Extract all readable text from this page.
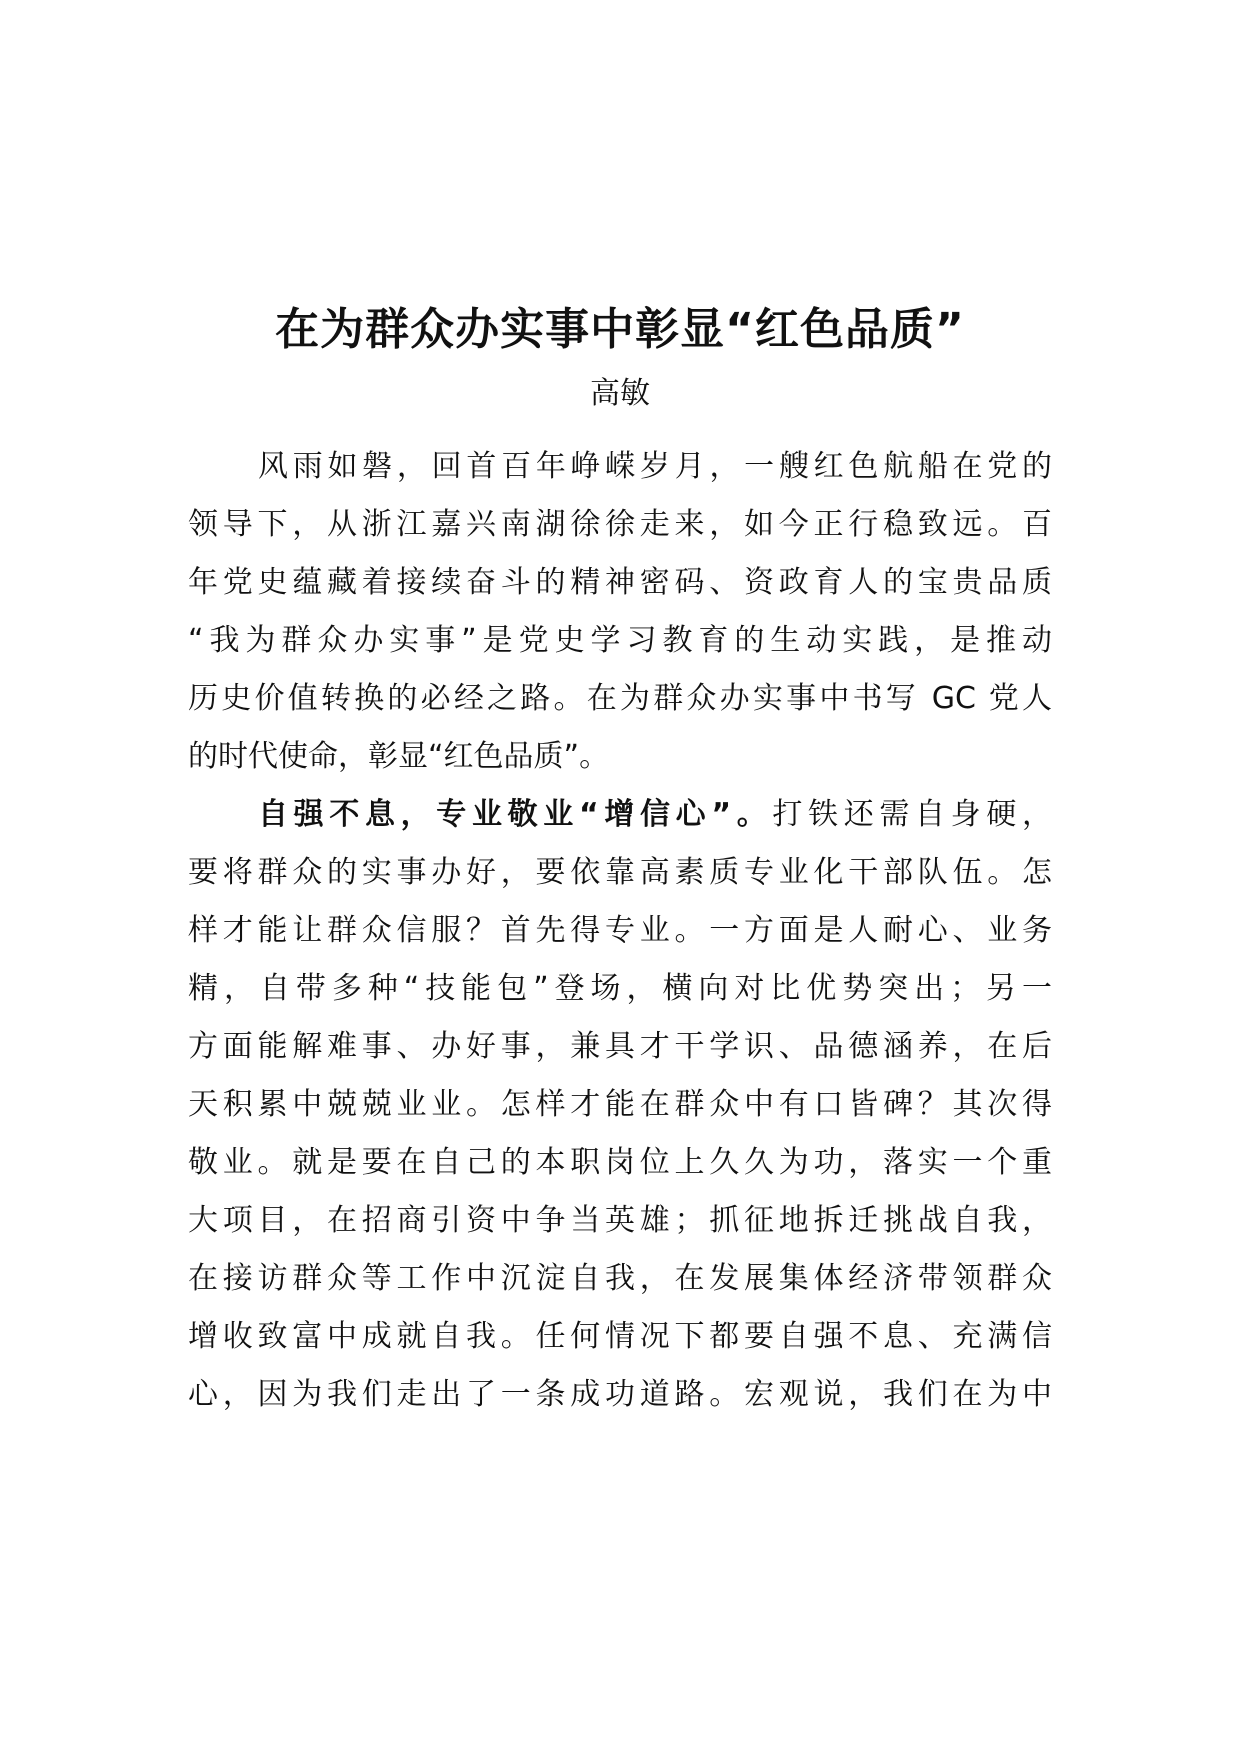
在为群众办实事中彰显“红色品质”
高敏
风雨如磐，回首百年峥嵘岁月，一艘红色航船在党的
领导下，从浙江嘉兴南湖徐徐走来，如今正行稳致远。百
年党史蕴藏着接续奋斗的精神密码、资政育人的宝贵品质
“我为群众办实事”是党史学习教育的生动实践，是推动
历史价值转换的必经之路。在为群众办实事中书写 GC 党人
的时代使命，彰显“红色品质”。
自强不息，专业敬业“增信心”。打铁还需自身硬，
要将群众的实事办好，要依靠高素质专业化干部队伍。怎
样才能让群众信服？首先得专业。一方面是人耐心、业务
精，自带多种“技能包”登场，横向对比优势突出；另一
方面能解难事、办好事，兼具才干学识、品德涵养，在后
天积累中兢兢业业。怎样才能在群众中有口皆碑？其次得
敬业。就是要在自己的本职岗位上久久为功，落实一个重
大项目，在招商引资中争当英雄；抓征地拆迁挑战自我，
在接访群众等工作中沉淀自我，在发展集体经济带领群众
增收致富中成就自我。任何情况下都要自强不息、充满信
心，因为我们走出了一条成功道路。宏观说，我们在为中
